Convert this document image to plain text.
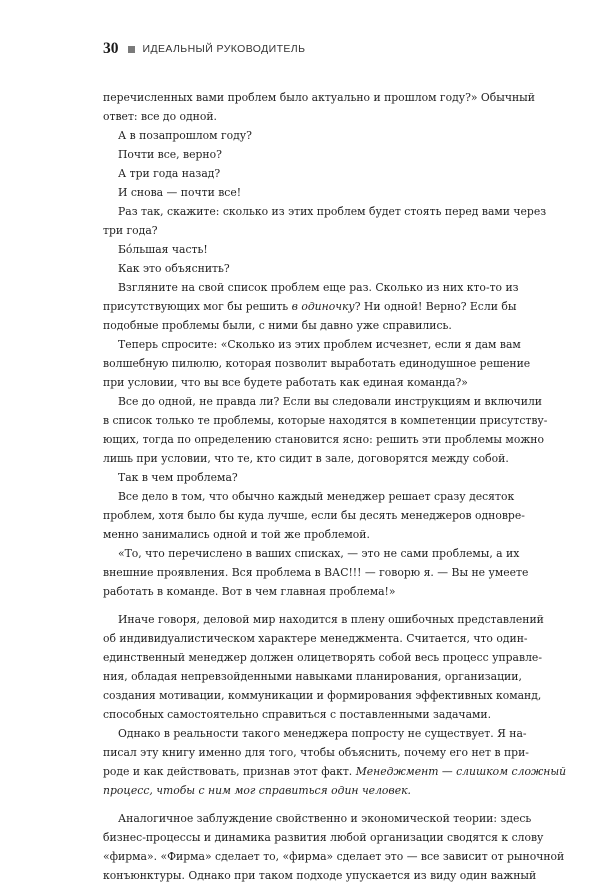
30 ИДЕАЛЬНЫЙ РУКОВОДИТЕЛЬ
перечисленных вами проблем было актуально и прошлом году?» Обычный
ответ: все до одной.
А в позапрошлом году?
Почти все, верно?
А три года назад?
И снова — почти все!
Раз так, скажите: сколько из этих проблем будет стоять перед вами через
три года?
Бóльшая часть!
Как это объяснить?
Взгляните на свой список проблем еще раз. Сколько из них кто-то из
присутствующих мог бы решить в одиночку? Ни одной! Верно? Если бы
подобные проблемы были, с ними бы давно уже справились.
Теперь спросите: «Сколько из этих проблем исчезнет, если я дам вам
волшебную пилюлю, которая позволит выработать единодушное решение
при условии, что вы все будете работать как единая команда?»
Все до одной, не правда ли? Если вы следовали инструкциям и включили
в список только те проблемы, которые находятся в компетенции присутству-
ющих, тогда по определению становится ясно: решить эти проблемы можно
лишь при условии, что те, кто сидит в зале, договорятся между собой.
Так в чем проблема?
Все дело в том, что обычно каждый менеджер решает сразу десяток
проблем, хотя было бы куда лучше, если бы десять менеджеров одновре-
менно занимались одной и той же проблемой.
«То, что перечислено в ваших списках, — это не сами проблемы, а их
внешние проявления. Вся проблема в ВАС!!! — говорю я. — Вы не умеете
работать в команде. Вот в чем главная проблема!»
Иначе говоря, деловой мир находится в плену ошибочных представлений
об индивидуалистическом характере менеджмента. Считается, что один-
единственный менеджер должен олицетворять собой весь процесс управле-
ния, обладая непревзойденными навыками планирования, организации,
создания мотивации, коммуникации и формирования эффективных команд,
способных самостоятельно справиться с поставленными задачами.
Однако в реальности такого менеджера попросту не существует. Я на-
писал эту книгу именно для того, чтобы объяснить, почему его нет в при-
роде и как действовать, признав этот факт. Менеджмент — слишком сложный
процесс, чтобы с ним мог справиться один человек.
Аналогичное заблуждение свойственно и экономической теории: здесь
бизнес-процессы и динамика развития любой организации сводятся к слову
«фирма». «Фирма» сделает то, «фирма» сделает это — все зависит от рыночной
конъюнктуры. Однако при таком подходе упускается из виду один важный
